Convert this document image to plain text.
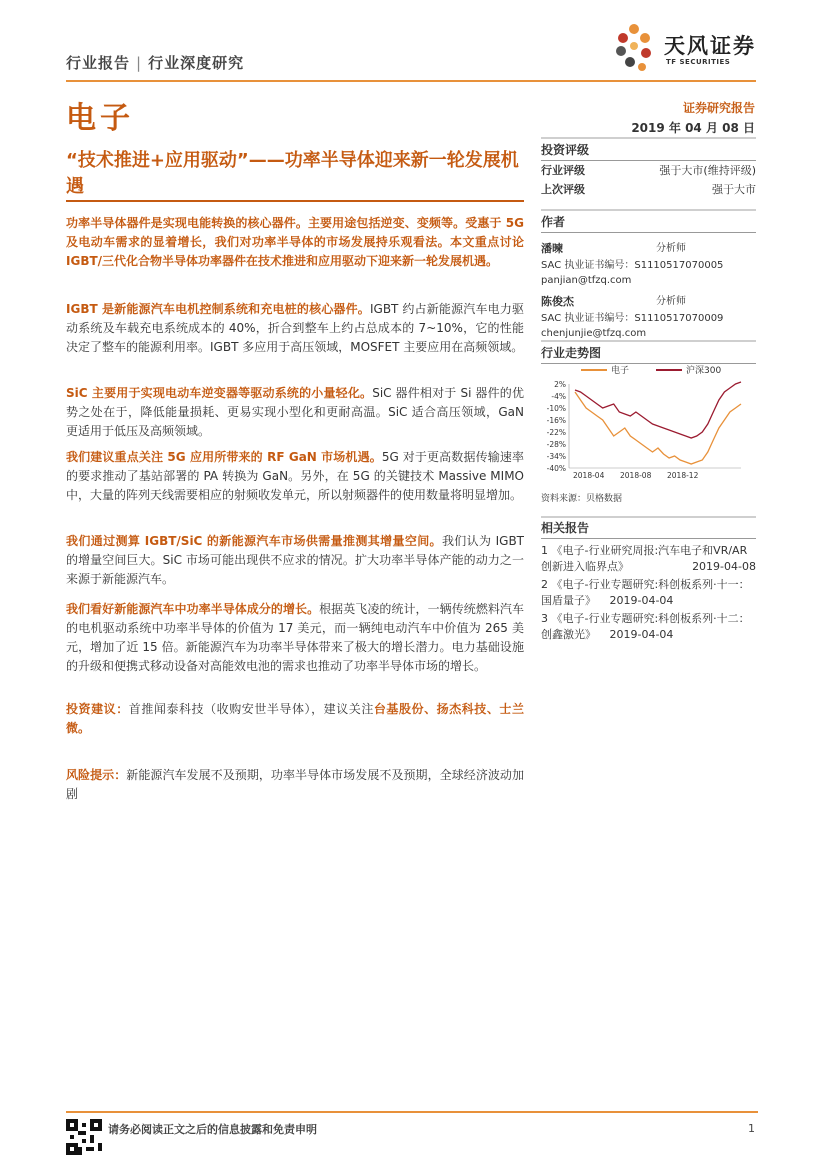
行业报告 | 行业深度研究
天风证券
TF SECURITIES
电子	证券研究报告
2019 年 04 月 08 日
“技术推进+应用驱动”——功率半导体迎来新一轮发展机遇
功率半导体器件是实现电能转换的核心器件。主要用途包括逆变、变频等。受惠于 5G 及电动车需求的显着增长，我们对功率半导体的市场发展持乐观看法。本文重点讨论 IGBT/三代化合物半导体功率器件在技术推进和应用驱动下迎来新一轮发展机遇。
IGBT 是新能源汽车电机控制系统和充电桩的核心器件。IGBT 约占新能源汽车电力驱动系统及车载充电系统成本的 40%，折合到整车上约占总成本的 7~10%，它的性能决定了整车的能源利用率。IGBT 多应用于高压领域，MOSFET 主要应用在高频领域。
SiC 主要用于实现电动车逆变器等驱动系统的小量轻化。SiC 器件相对于 Si 器件的优势之处在于，降低能量损耗、更易实现小型化和更耐高温。SiC 适合高压领域，GaN 更适用于低压及高频领域。
我们建议重点关注 5G 应用所带来的 RF GaN 市场机遇。5G 对于更高数据传输速率的要求推动了基站部署的 PA 转换为 GaN。另外，在 5G 的关键技术 Massive MIMO 中，大量的阵列天线需要相应的射频收发单元，所以射频器件的使用数量将明显增加。
我们通过测算 IGBT/SiC 的新能源汽车市场供需量推测其增量空间。我们认为 IGBT 的增量空间巨大。SiC 市场可能出现供不应求的情况。扩大功率半导体产能的动力之一来源于新能源汽车。
我们看好新能源汽车中功率半导体成分的增长。根据英飞凌的统计，一辆传统燃料汽车的电机驱动系统中功率半导体的价值为 17 美元，而一辆纯电动汽车中价值为 265 美元，增加了近 15 倍。新能源汽车为功率半导体带来了极大的增长潜力。电力基础设施的升级和便携式移动设备对高能效电池的需求也推动了功率半导体市场的增长。
投资建议：首推闻泰科技（收购安世半导体），建议关注台基股份、扬杰科技、士兰微。
风险提示：新能源汽车发展不及预期，功率半导体市场发展不及预期，全球经济波动加剧
投资评级
行业评级	强于大市(维持评级)
上次评级	强于大市
作者
潘暕	分析师
SAC 执业证书编号：S1110517070005
panjian@tfzq.com
陈俊杰	分析师
SAC 执业证书编号：S1110517070009
chenjunjie@tfzq.com
行业走势图
电子	沪深300
2%
-4%
-10%
-16%
-22%
-28%
-34%
-40%
2018-04 2018-08 2018-12
资料来源：贝格数据
相关报告
1 《电子-行业研究周报:汽车电子和VR/AR 创新进入临界点》	2019-04-08
2 《电子-行业专题研究:科创板系列·十一：国盾量子》 2019-04-04
3 《电子-行业专题研究:科创板系列·十二：创鑫激光》 2019-04-04
请务必阅读正文之后的信息披露和免责申明	1
